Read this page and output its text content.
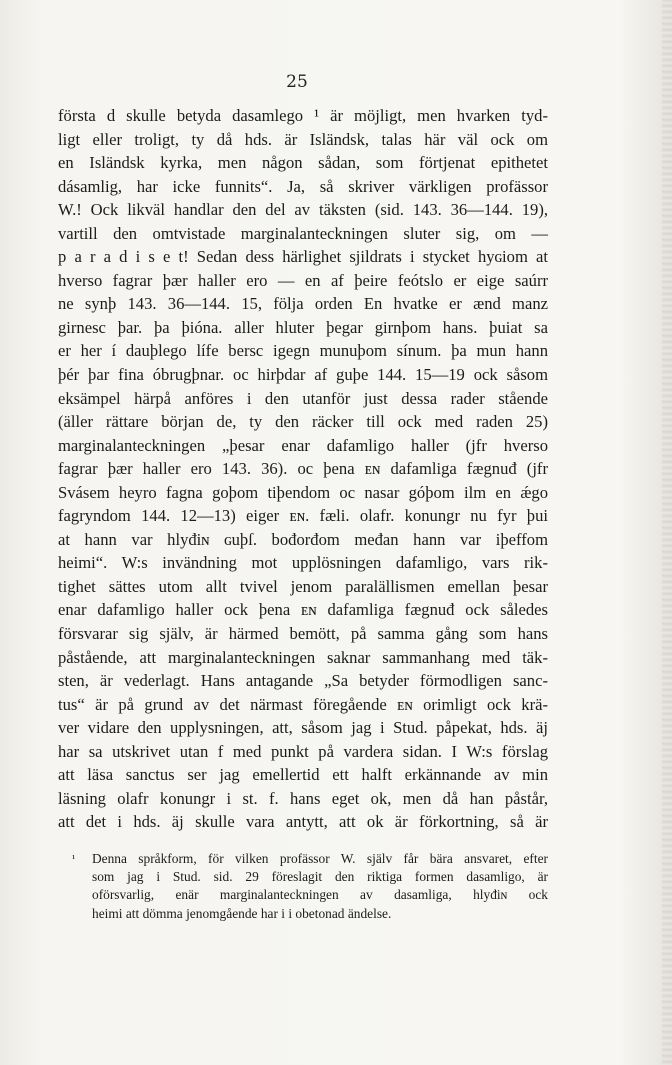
25
första d skulle betyda dasamlego ¹ är möjligt, men hvarken tyd-
ligt eller troligt, ty då hds. är Isländsk, talas här väl ock om
en Isländsk kyrka, men någon sådan, som förtjenat epithetet
dásamlig, har icke funnits“. Ja, så skriver värkligen profässor
W.! Ock likväl handlar den del av täksten (sid. 143. 36—144. 19),
vartill den omtvistade marginalanteckningen sluter sig, om —
p a r a d i s e t! Sedan dess härlighet sjildrats i stycket hyɢiom at
hverso fagrar þær haller ero — en af þeire feótslo er eige saúrr
ne synþ 143. 36—144. 15, följa orden En hvatke er ænd manz
girnesc þar. þa þióna. aller hluter þegar girnþom hans. þuiat sa
er her í dauþlego lífe bersc igegn munuþom sínum. þa mun hann
þér þar fina óbrugþnar. oc hirþdar af guþe 144. 15—19 ock såsom
eksämpel härpå anföres i den utanför just dessa rader stående
(äller rättare början de, ty den räcker till ock med raden 25)
marginalanteckningen „þesar enar dafamligo haller (jfr hverso
fagrar þær haller ero 143. 36). oc þena ᴇɴ dafamliga fægnuđ (jfr
Svásem heyro fagna goþom tiþendom oc nasar góþom ilm en ǽgo
fagryndom 144. 12—13) eiger ᴇɴ. fæli. olafr. konungr nu fyr þui
at hann var hlyđiɴ ɢuþſ. bođorđom međan hann var iþeffom
heimi“. W:s invändning mot upplösningen dafamligo, vars rik-
tighet sättes utom allt tvivel jenom paralällismen emellan þesar
enar dafamligo haller ock þena ᴇɴ dafamliga fægnuđ ock således
försvarar sig själv, är härmed bemött, på samma gång som hans
påstående, att marginalanteckningen saknar sammanhang med täk-
sten, är vederlagt. Hans antagande „Sa betyder förmodligen sanc-
tus“ är på grund av det närmast föregående ᴇɴ orimligt ock krä-
ver vidare den upplysningen, att, såsom jag i Stud. påpekat, hds. äj
har sa utskrivet utan f med punkt på vardera sidan. I W:s förslag
att läsa sanctus ser jag emellertid ett halft erkännande av min
läsning olafr konungr i st. f. hans eget ok, men då han påstår,
att det i hds. äj skulle vara antytt, att ok är förkortning, så är
¹ Denna språkform, för vilken profässor W. själv får bära ansvaret, efter
som jag i Stud. sid. 29 föreslagit den riktiga formen dasamligo, är
oförsvarlig, enär marginalanteckningen av dasamliga, hlyđiɴ ock
heimi att dömma jenomgående har i i obetonad ändelse.
